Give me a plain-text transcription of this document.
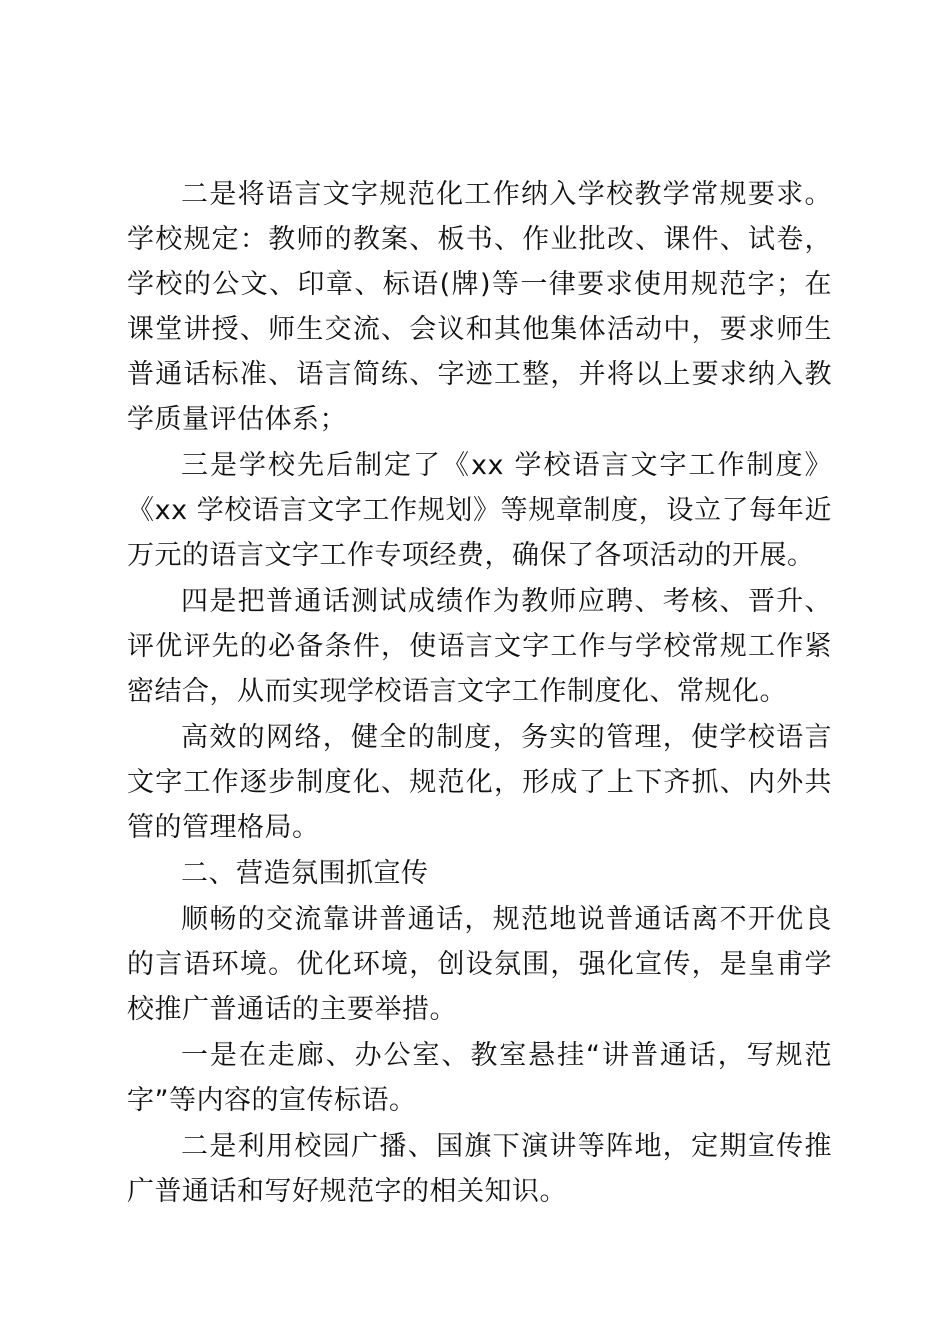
二是将语言文字规范化工作纳入学校教学常规要求。学校规定：教师的教案、板书、作业批改、课件、试卷，学校的公文、印章、标语(牌)等一律要求使用规范字；在课堂讲授、师生交流、会议和其他集体活动中，要求师生普通话标准、语言简练、字迹工整，并将以上要求纳入教学质量评估体系；

三是学校先后制定了《xx 学校语言文字工作制度》《xx 学校语言文字工作规划》等规章制度，设立了每年近万元的语言文字工作专项经费，确保了各项活动的开展。

四是把普通话测试成绩作为教师应聘、考核、晋升、评优评先的必备条件，使语言文字工作与学校常规工作紧密结合，从而实现学校语言文字工作制度化、常规化。

高效的网络，健全的制度，务实的管理，使学校语言文字工作逐步制度化、规范化，形成了上下齐抓、内外共管的管理格局。

二、营造氛围抓宣传

顺畅的交流靠讲普通话，规范地说普通话离不开优良的言语环境。优化环境，创设氛围，强化宣传，是皇甫学校推广普通话的主要举措。

一是在走廊、办公室、教室悬挂“讲普通话，写规范字”等内容的宣传标语。

二是利用校园广播、国旗下演讲等阵地，定期宣传推广普通话和写好规范字的相关知识。
